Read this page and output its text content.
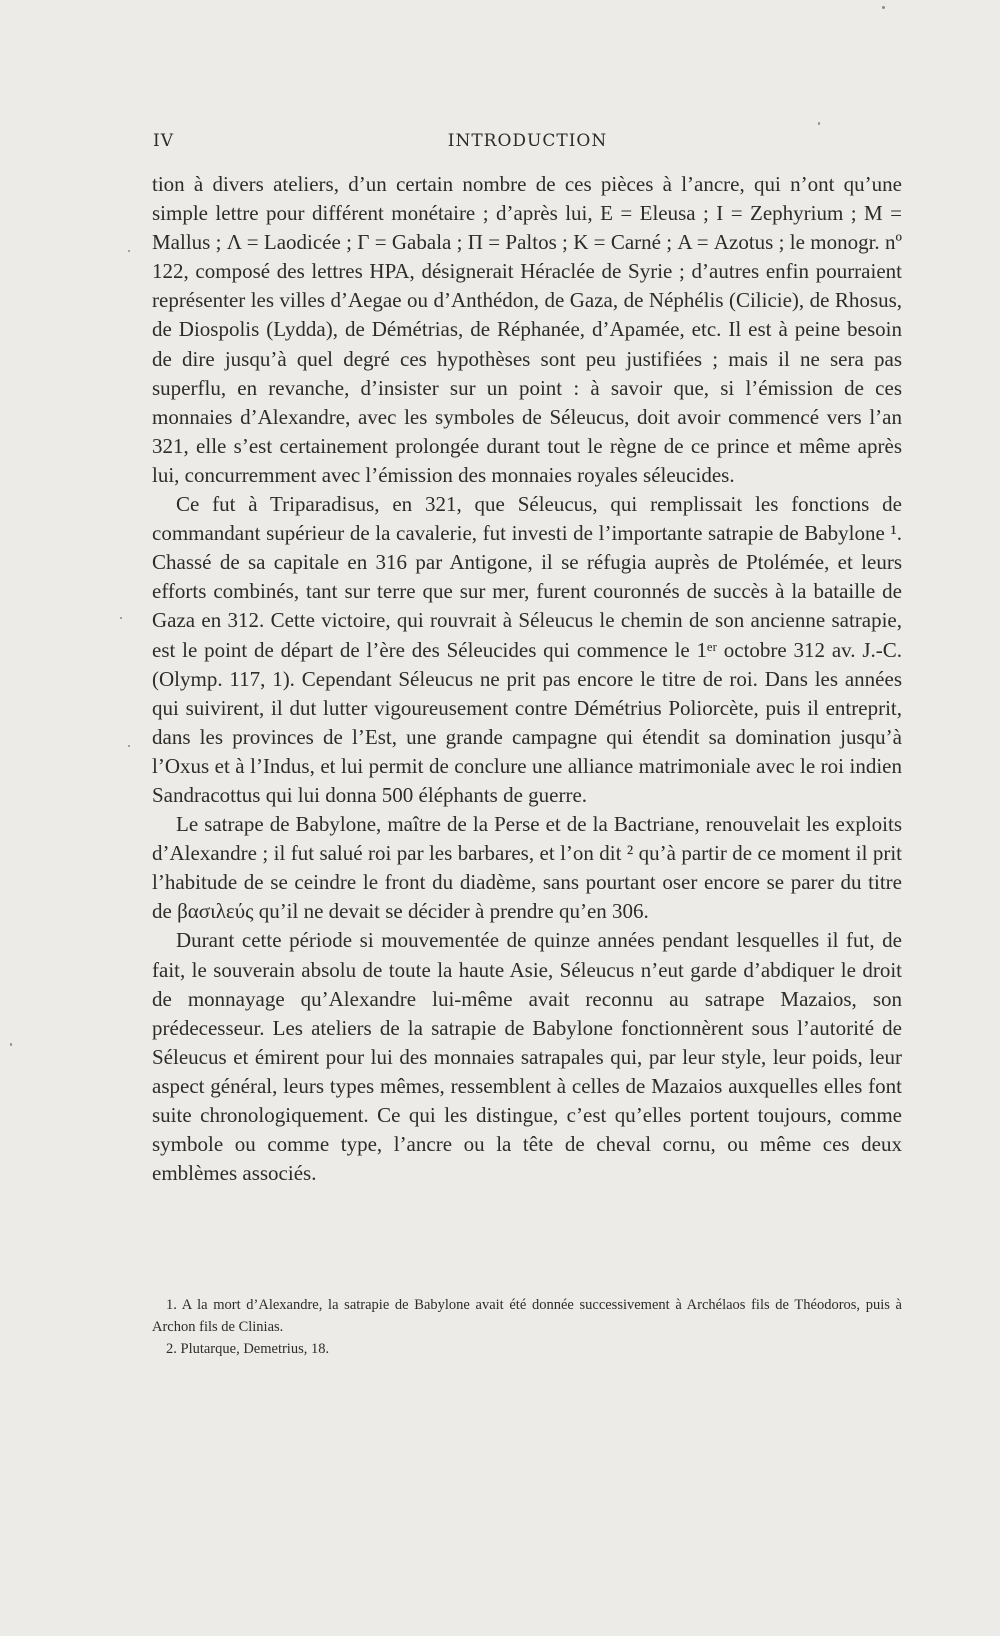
IV	INTRODUCTION

tion à divers ateliers, d’un certain nombre de ces pièces à l’ancre, qui n’ont qu’une simple lettre pour différent monétaire ; d’après lui, E = Eleusa ; Ι = Zephyrium ; Μ = Mallus ; Λ = Laodicée ; Γ = Gabala ; Π = Paltos ; Κ = Carné ; Α = Azotus ; le monogr. nº 122, composé des lettres ΗΡΑ, désignerait Héraclée de Syrie ; d’autres enfin pourraient représenter les villes d’Aegae ou d’Anthédon, de Gaza, de Néphélis (Cilicie), de Rhosus, de Diospolis (Lydda), de Démétrias, de Réphanée, d’Apamée, etc. Il est à peine besoin de dire jusqu’à quel degré ces hypothèses sont peu justifiées ; mais il ne sera pas superflu, en revanche, d’insister sur un point : à savoir que, si l’émission de ces monnaies d’Alexandre, avec les symboles de Séleucus, doit avoir commencé vers l’an 321, elle s’est certainement prolongée durant tout le règne de ce prince et même après lui, concurremment avec l’émission des monnaies royales séleucides.

Ce fut à Triparadisus, en 321, que Séleucus, qui remplissait les fonctions de commandant supérieur de la cavalerie, fut investi de l’importante satrapie de Babylone ¹. Chassé de sa capitale en 316 par Antigone, il se réfugia auprès de Ptolémée, et leurs efforts combinés, tant sur terre que sur mer, furent couronnés de succès à la bataille de Gaza en 312. Cette victoire, qui rouvrait à Séleucus le chemin de son ancienne satrapie, est le point de départ de l’ère des Séleucides qui commence le 1ᵉʳ octobre 312 av. J.-C. (Olymp. 117, 1). Cependant Séleucus ne prit pas encore le titre de roi. Dans les années qui suivirent, il dut lutter vigoureusement contre Démétrius Poliorcète, puis il entreprit, dans les provinces de l’Est, une grande campagne qui étendit sa domination jusqu’à l’Oxus et à l’Indus, et lui permit de conclure une alliance matrimoniale avec le roi indien Sandracottus qui lui donna 500 éléphants de guerre.

Le satrape de Babylone, maître de la Perse et de la Bactriane, renouvelait les exploits d’Alexandre ; il fut salué roi par les barbares, et l’on dit ² qu’à partir de ce moment il prit l’habitude de se ceindre le front du diadème, sans pourtant oser encore se parer du titre de βασιλεύς qu’il ne devait se décider à prendre qu’en 306.

Durant cette période si mouvementée de quinze années pendant lesquelles il fut, de fait, le souverain absolu de toute la haute Asie, Séleucus n’eut garde d’abdiquer le droit de monnayage qu’Alexandre lui-même avait reconnu au satrape Mazaios, son prédecesseur. Les ateliers de la satrapie de Babylone fonctionnèrent sous l’autorité de Séleucus et émirent pour lui des monnaies satrapales qui, par leur style, leur poids, leur aspect général, leurs types mêmes, ressemblent à celles de Mazaios auxquelles elles font suite chronologiquement. Ce qui les distingue, c’est qu’elles portent toujours, comme symbole ou comme type, l’ancre ou la tête de cheval cornu, ou même ces deux emblèmes associés.

1. A la mort d’Alexandre, la satrapie de Babylone avait été donnée successivement à Archélaos fils de Théodoros, puis à Archon fils de Clinias.

2. Plutarque, Demetrius, 18.
